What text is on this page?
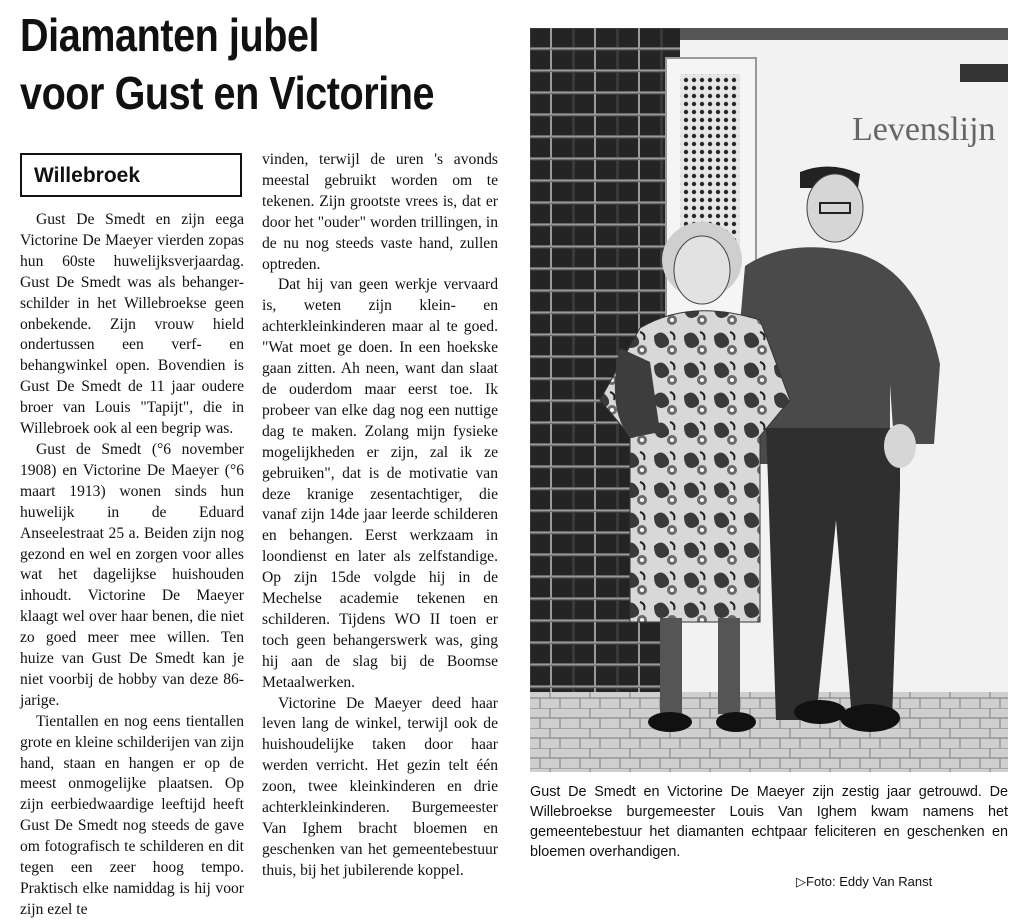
Diamanten jubel
voor Gust en Victorine
Willebroek

Gust De Smedt en zijn eega Victorine De Maeyer vierden zopas hun 60ste huwelijksverjaardag. Gust De Smedt was als behanger-schilder in het Willebroekse geen onbekende. Zijn vrouw hield ondertussen een verf- en behangwinkel open. Bovendien is Gust De Smedt de 11 jaar oudere broer van Louis "Tapijt", die in Willebroek ook al een begrip was.

Gust de Smedt (°6 november 1908) en Victorine De Maeyer (°6 maart 1913) wonen sinds hun huwelijk in de Eduard Anseelestraat 25 a. Beiden zijn nog gezond en wel en zorgen voor alles wat het dagelijkse huishouden inhoudt. Victorine De Maeyer klaagt wel over haar benen, die niet zo goed meer mee willen. Ten huize van Gust De Smedt kan je niet voorbij de hobby van deze 86-jarige.

Tientallen en nog eens tientallen grote en kleine schilderijen van zijn hand, staan en hangen er op de meest onmogelijke plaatsen. Op zijn eerbiedwaardige leeftijd heeft Gust De Smedt nog steeds de gave om fotografisch te schilderen en dit tegen een zeer hoog tempo. Praktisch elke namiddag is hij voor zijn ezel te

vinden, terwijl de uren 's avonds meestal gebruikt worden om te tekenen. Zijn grootste vrees is, dat er door het "ouder" worden trillingen, in de nu nog steeds vaste hand, zullen optreden.

Dat hij van geen werkje vervaard is, weten zijn klein- en achterkleinkinderen maar al te goed. "Wat moet ge doen. In een hoekske gaan zitten. Ah neen, want dan slaat de ouderdom maar eerst toe. Ik probeer van elke dag nog een nuttige dag te maken. Zolang mijn fysieke mogelijkheden er zijn, zal ik ze gebruiken", dat is de motivatie van deze kranige zesentachtiger, die vanaf zijn 14de jaar leerde schilderen en behangen. Eerst werkzaam in loondienst en later als zelfstandige. Op zijn 15de volgde hij in de Mechelse academie tekenen en schilderen. Tijdens WO II toen er toch geen behangerswerk was, ging hij aan de slag bij de Boomse Metaalwerken.

Victorine De Maeyer deed haar leven lang de winkel, terwijl ook de huishoudelijke taken door haar werden verricht. Het gezin telt één zoon, twee kleinkinderen en drie achterkleinkinderen. Burgemeester Van Ighem bracht bloemen en geschenken van het gemeentebestuur thuis, bij het jubilerende koppel.

Levenslijn
Gust De Smedt en Victorine De Maeyer zijn zestig jaar getrouwd. De Willebroekse burgemeester Louis Van Ighem kwam namens het gemeentebestuur het diamanten echtpaar feliciteren en geschenken en bloemen overhandigen.
▷Foto: Eddy Van Ranst
